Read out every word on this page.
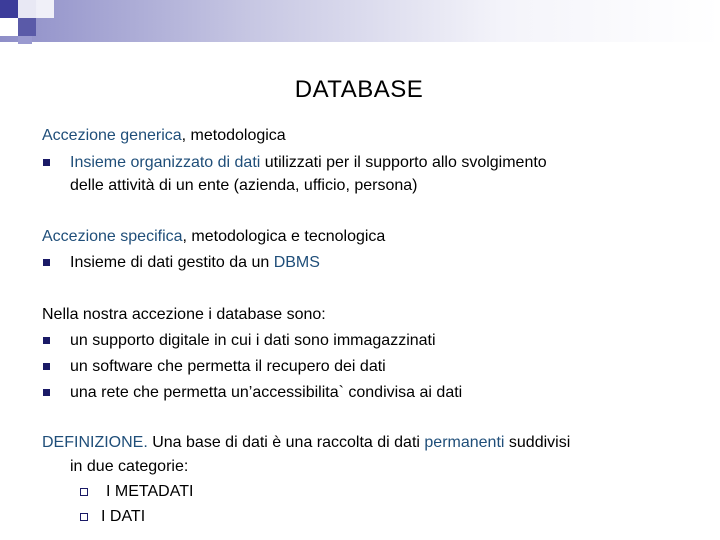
DATABASE
Accezione generica, metodologica
Insieme organizzato di dati utilizzati per il supporto allo svolgimento
delle attività di un ente (azienda, ufficio, persona)
Accezione specifica, metodologica e tecnologica
Insieme di dati gestito da un DBMS
Nella nostra accezione i database sono:
un supporto digitale in cui i dati sono immagazzinati
un software che permetta il recupero dei dati
una rete che permetta un’accessibilita` condivisa ai dati
DEFINIZIONE. Una base di dati è una raccolta di dati permanenti suddivisi
in due categorie:
I METADATI
I DATI
